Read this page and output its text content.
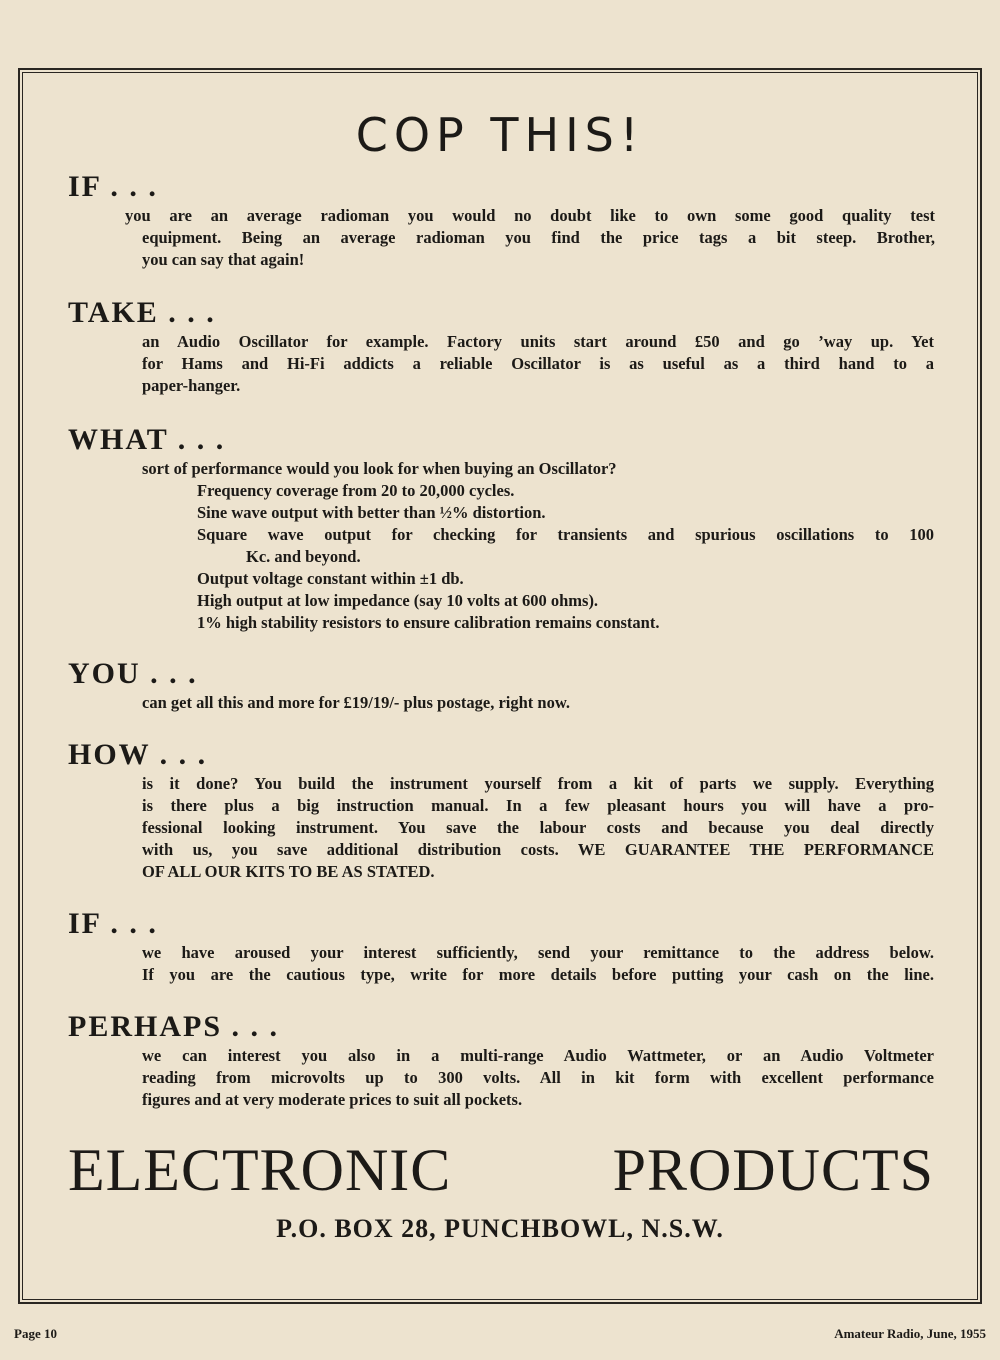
COP THIS!
IF . . .
you are an average radioman you would no doubt like to own some good quality test
equipment. Being an average radioman you find the price tags a bit steep. Brother,
you can say that again!
TAKE . . .
an Audio Oscillator for example. Factory units start around £50 and go ’way up. Yet
for Hams and Hi-Fi addicts a reliable Oscillator is as useful as a third hand to a
paper-hanger.
WHAT . . .
sort of performance would you look for when buying an Oscillator?
Frequency coverage from 20 to 20,000 cycles.
Sine wave output with better than ½% distortion.
Square wave output for checking for transients and spurious oscillations to 100
Kc. and beyond.
Output voltage constant within ±1 db.
High output at low impedance (say 10 volts at 600 ohms).
1% high stability resistors to ensure calibration remains constant.
YOU . . .
can get all this and more for £19/19/- plus postage, right now.
HOW . . .
is it done? You build the instrument yourself from a kit of parts we supply. Everything
is there plus a big instruction manual. In a few pleasant hours you will have a pro-
fessional looking instrument. You save the labour costs and because you deal directly
with us, you save additional distribution costs. WE GUARANTEE THE PERFORMANCE
OF ALL OUR KITS TO BE AS STATED.
IF . . .
we have aroused your interest sufficiently, send your remittance to the address below.
If you are the cautious type, write for more details before putting your cash on the line.
PERHAPS . . .
we can interest you also in a multi-range Audio Wattmeter, or an Audio Voltmeter
reading from microvolts up to 300 volts. All in kit form with excellent performance
figures and at very moderate prices to suit all pockets.
ELECTRONIC PRODUCTS
P.O. BOX 28, PUNCHBOWL, N.S.W.
Page 10	Amateur Radio, June, 1955
